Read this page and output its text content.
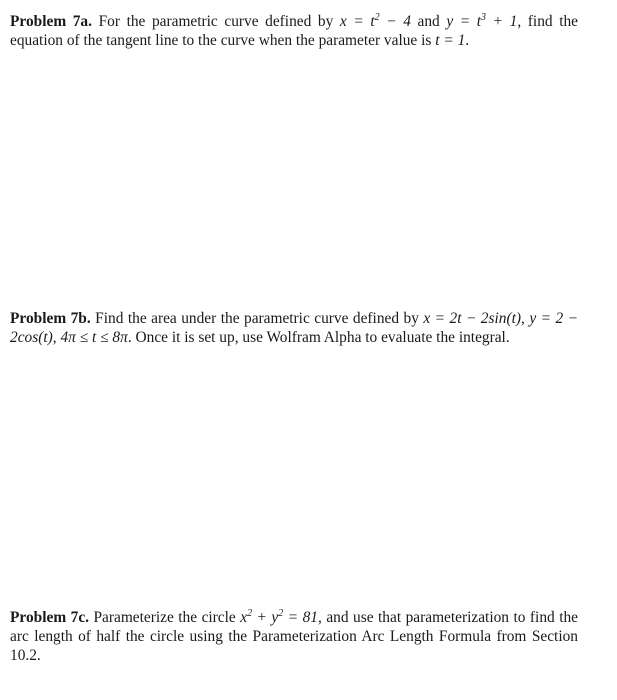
Problem 7a. For the parametric curve defined by $x = t^2 - 4$ and $y = t^3 + 1$, find the equation of the tangent line to the curve when the parameter value is t = 1.
Problem 7b. Find the area under the parametric curve defined by x = 2t − 2sin(t), y = 2 − 2cos(t), 4π ≤ t ≤ 8π. Once it is set up, use Wolfram Alpha to evaluate the integral.
Problem 7c. Parameterize the circle $x^2 + y^2 = 81$, and use that parameterization to find the arc length of half the circle using the Parameterization Arc Length Formula from Section 10.2.
